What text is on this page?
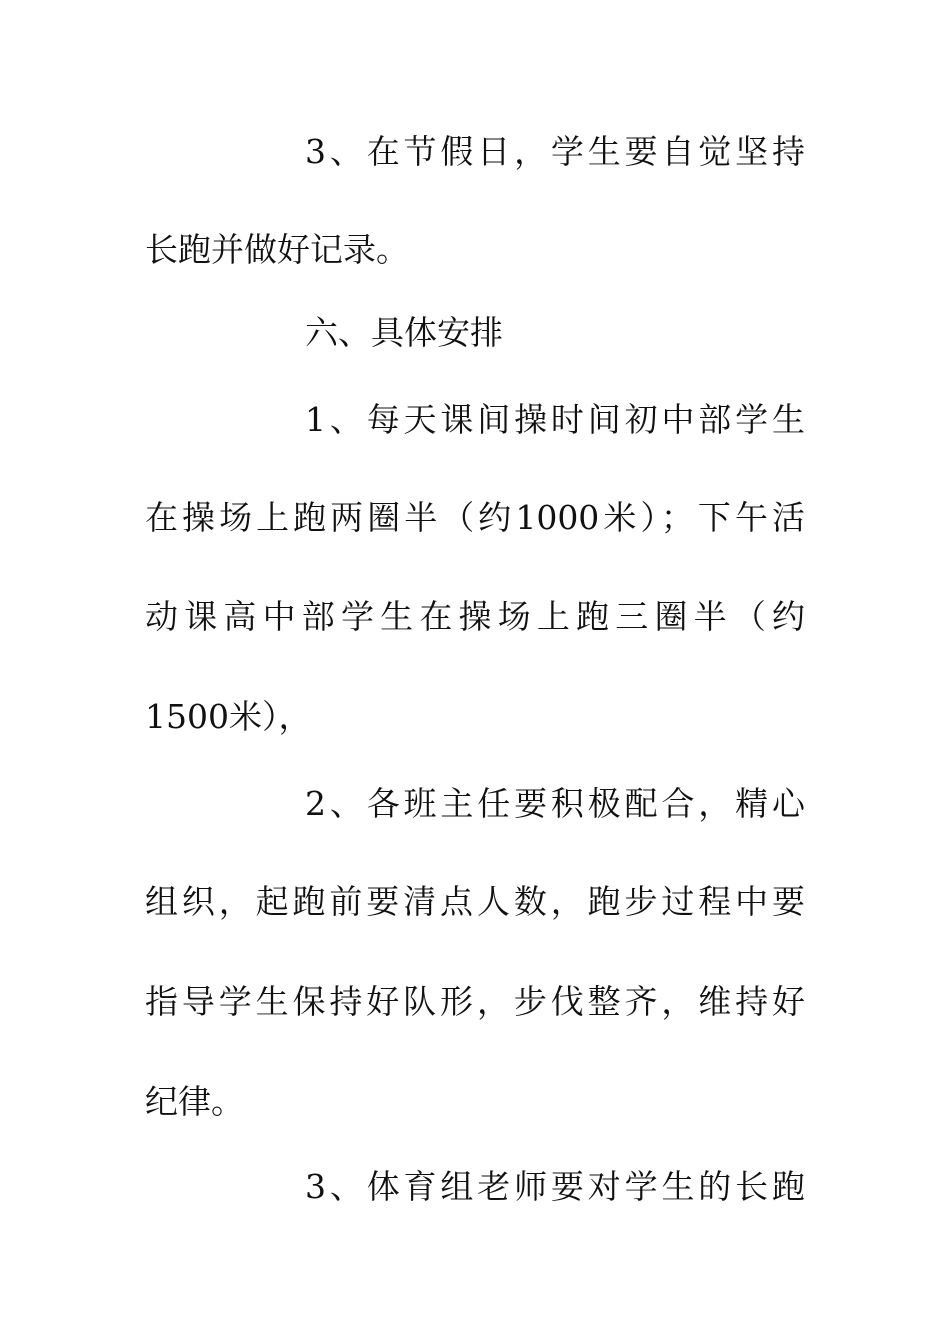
3、在节假日，学生要自觉坚持
长跑并做好记录。
六、具体安排
1、每天课间操时间初中部学生
在操场上跑两圈半（约1000米）；下午活
动课高中部学生在操场上跑三圈半（约
1500米），
2、各班主任要积极配合，精心
组织，起跑前要清点人数，跑步过程中要
指导学生保持好队形，步伐整齐，维持好
纪律。
3、体育组老师要对学生的长跑
